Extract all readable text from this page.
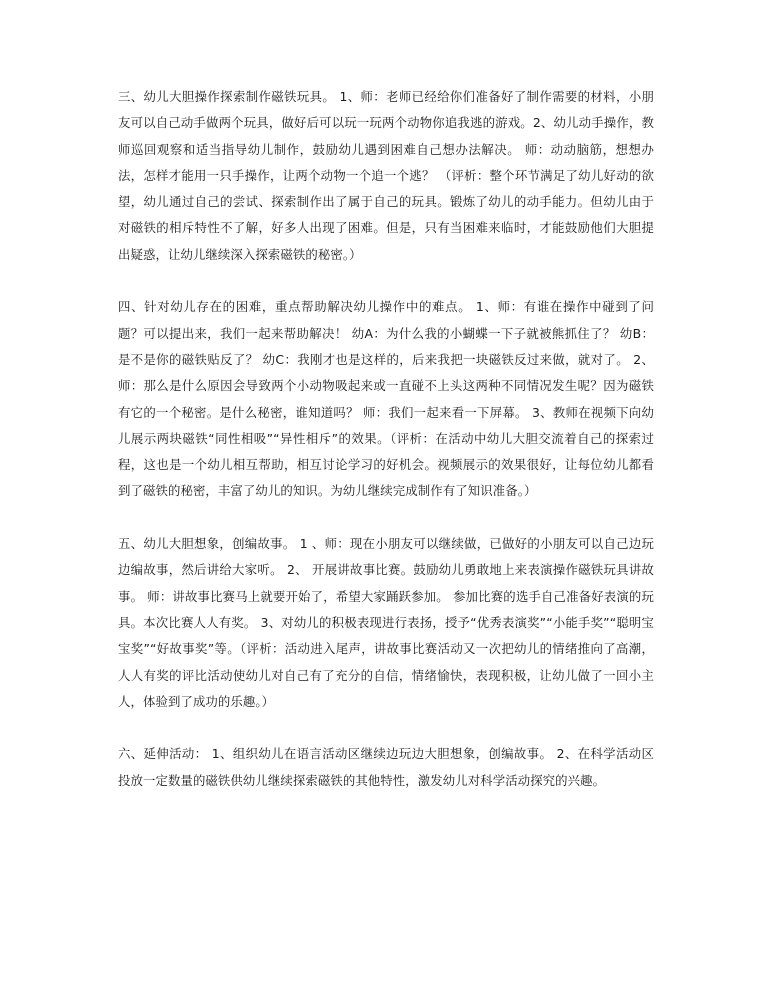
三、幼儿大胆操作探索制作磁铁玩具。 1、师：老师已经给你们准备好了制作需要的材料，小朋友可以自己动手做两个玩具，做好后可以玩一玩两个动物你追我逃的游戏。2、幼儿动手操作，教师巡回观察和适当指导幼儿制作，鼓励幼儿遇到困难自己想办法解决。 师：动动脑筋，想想办法，怎样才能用一只手操作，让两个动物一个追一个逃？ （评析：整个环节满足了幼儿好动的欲望，幼儿通过自己的尝试、探索制作出了属于自己的玩具。锻炼了幼儿的动手能力。但幼儿由于对磁铁的相斥特性不了解，好多人出现了困难。但是，只有当困难来临时，才能鼓励他们大胆提出疑惑，让幼儿继续深入探索磁铁的秘密。）

四、针对幼儿存在的困难，重点帮助解决幼儿操作中的难点。 1、师：有谁在操作中碰到了问题？可以提出来，我们一起来帮助解决！ 幼A：为什么我的小蝴蝶一下子就被熊抓住了？ 幼B：是不是你的磁铁贴反了？ 幼C：我刚才也是这样的，后来我把一块磁铁反过来做，就对了。 2、师：那么是什么原因会导致两个小动物吸起来或一直碰不上头这两种不同情况发生呢？因为磁铁有它的一个秘密。是什么秘密，谁知道吗？ 师：我们一起来看一下屏幕。 3、教师在视频下向幼儿展示两块磁铁“同性相吸”“异性相斥”的效果。（评析：在活动中幼儿大胆交流着自己的探索过程，这也是一个幼儿相互帮助，相互讨论学习的好机会。视频展示的效果很好，让每位幼儿都看到了磁铁的秘密，丰富了幼儿的知识。为幼儿继续完成制作有了知识准备。）

五、幼儿大胆想象，创编故事。 1 、师：现在小朋友可以继续做，已做好的小朋友可以自己边玩边编故事，然后讲给大家听。 2、 开展讲故事比赛。鼓励幼儿勇敢地上来表演操作磁铁玩具讲故事。 师：讲故事比赛马上就要开始了，希望大家踊跃参加。 参加比赛的选手自己准备好表演的玩具。本次比赛人人有奖。 3、对幼儿的积极表现进行表扬，授予“优秀表演奖”“小能手奖”“聪明宝宝奖”“好故事奖”等。（评析：活动进入尾声，讲故事比赛活动又一次把幼儿的情绪推向了高潮，人人有奖的评比活动使幼儿对自己有了充分的自信，情绪愉快，表现积极，让幼儿做了一回小主人，体验到了成功的乐趣。）

六、延伸活动： 1、组织幼儿在语言活动区继续边玩边大胆想象，创编故事。 2、在科学活动区投放一定数量的磁铁供幼儿继续探索磁铁的其他特性，激发幼儿对科学活动探究的兴趣。
